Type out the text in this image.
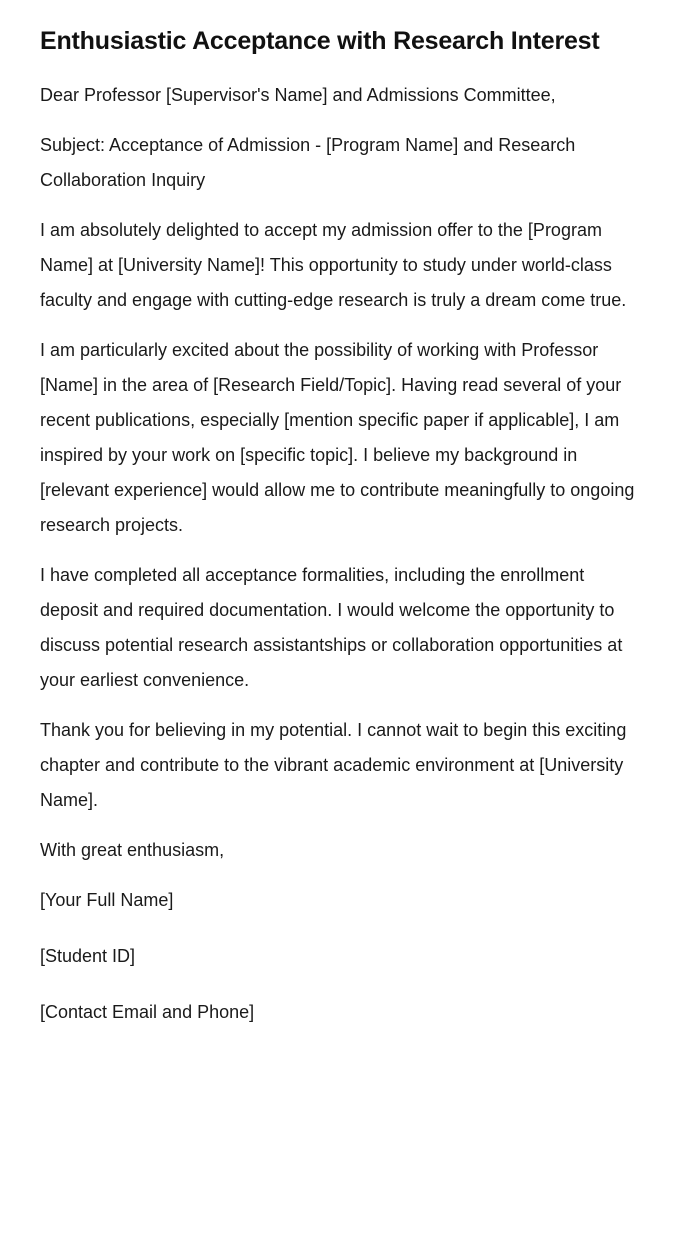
Enthusiastic Acceptance with Research Interest

Dear Professor [Supervisor's Name] and Admissions Committee,

Subject: Acceptance of Admission - [Program Name] and Research Collaboration Inquiry

I am absolutely delighted to accept my admission offer to the [Program Name] at [University Name]! This opportunity to study under world-class faculty and engage with cutting-edge research is truly a dream come true.

I am particularly excited about the possibility of working with Professor [Name] in the area of [Research Field/Topic]. Having read several of your recent publications, especially [mention specific paper if applicable], I am inspired by your work on [specific topic]. I believe my background in [relevant experience] would allow me to contribute meaningfully to ongoing research projects.

I have completed all acceptance formalities, including the enrollment deposit and required documentation. I would welcome the opportunity to discuss potential research assistantships or collaboration opportunities at your earliest convenience.

Thank you for believing in my potential. I cannot wait to begin this exciting chapter and contribute to the vibrant academic environment at [University Name].

With great enthusiasm,

[Your Full Name]

[Student ID]

[Contact Email and Phone]
